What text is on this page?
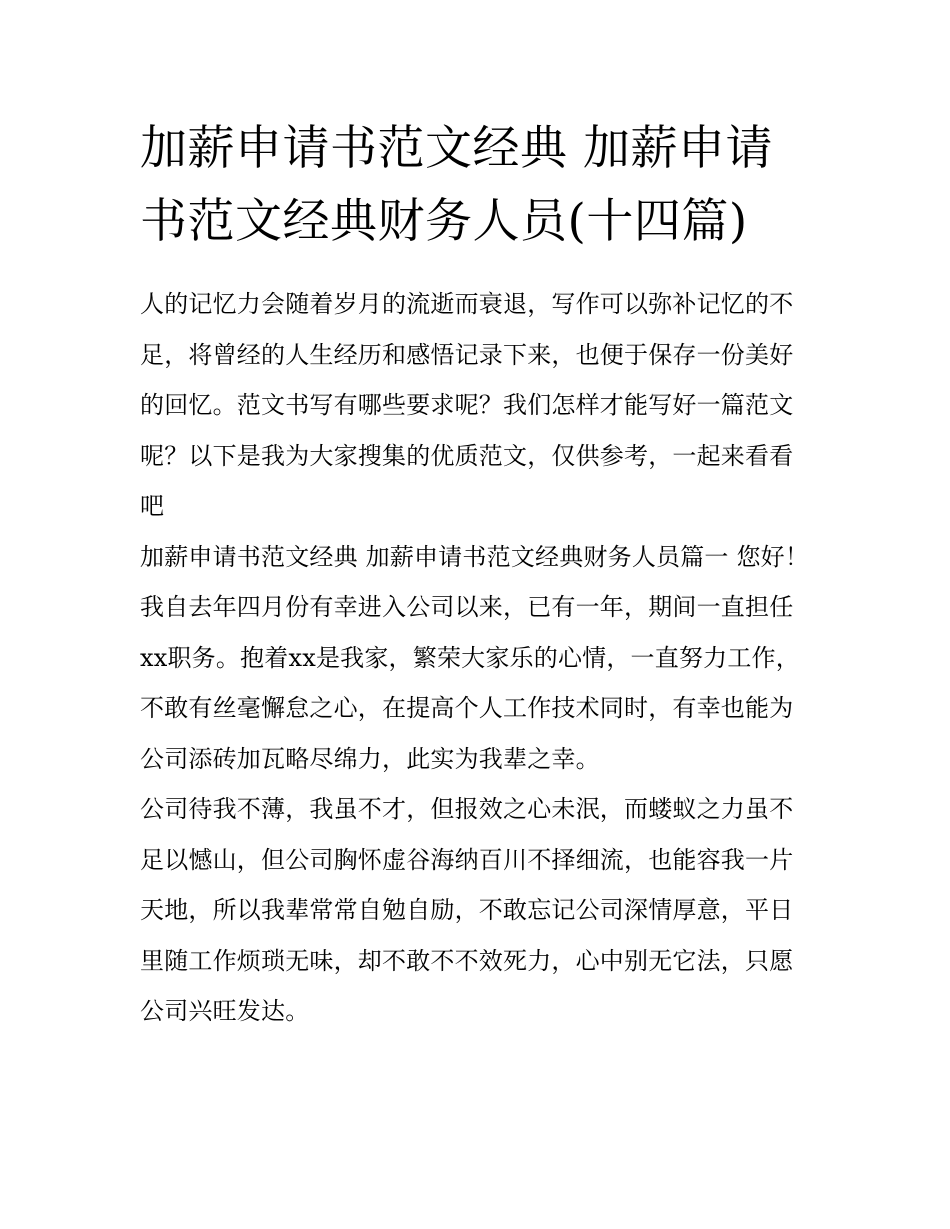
加薪申请书范文经典 加薪申请书范文经典财务人员(十四篇)

人的记忆力会随着岁月的流逝而衰退，写作可以弥补记忆的不足，将曾经的人生经历和感悟记录下来，也便于保存一份美好的回忆。范文书写有哪些要求呢？我们怎样才能写好一篇范文呢？以下是我为大家搜集的优质范文，仅供参考，一起来看看吧

加薪申请书范文经典 加薪申请书范文经典财务人员篇一 您好！

我自去年四月份有幸进入公司以来，已有一年，期间一直担任xx职务。抱着xx是我家，繁荣大家乐的心情，一直努力工作，不敢有丝毫懈怠之心，在提高个人工作技术同时，有幸也能为公司添砖加瓦略尽绵力，此实为我辈之幸。

公司待我不薄，我虽不才，但报效之心未泯，而蝼蚁之力虽不足以憾山，但公司胸怀虚谷海纳百川不择细流，也能容我一片天地，所以我辈常常自勉自励，不敢忘记公司深情厚意，平日里随工作烦琐无味，却不敢不不效死力，心中别无它法，只愿公司兴旺发达。
